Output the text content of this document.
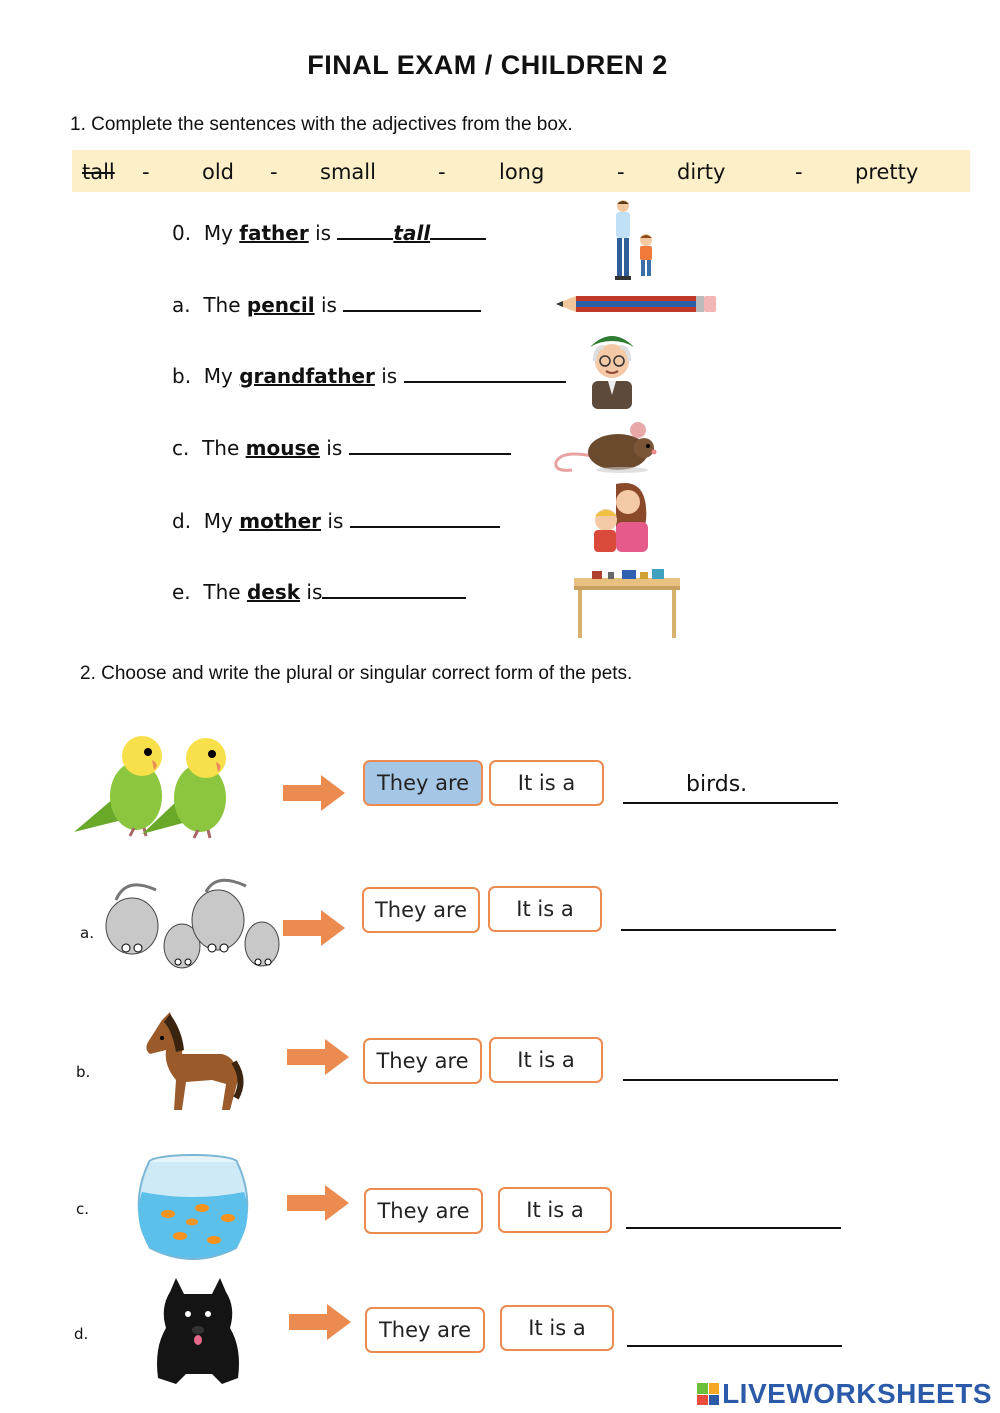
FINAL EXAM / CHILDREN 2
1. Complete the sentences with the adjectives from the box.
tall - old - small	-	long	- dirty	- pretty
0. My father is	tall
a. The pencil is
b. My grandfather is
c. The mouse is
d. My mother is
e. The desk is
2. Choose and write the plural or singular correct form of the pets.
They are	It is a	birds.
a.
They are	It is a
b.	They are	It is a
c.	They are	It is a
d.	They are	It is a
LIVEWORKSHEETS
